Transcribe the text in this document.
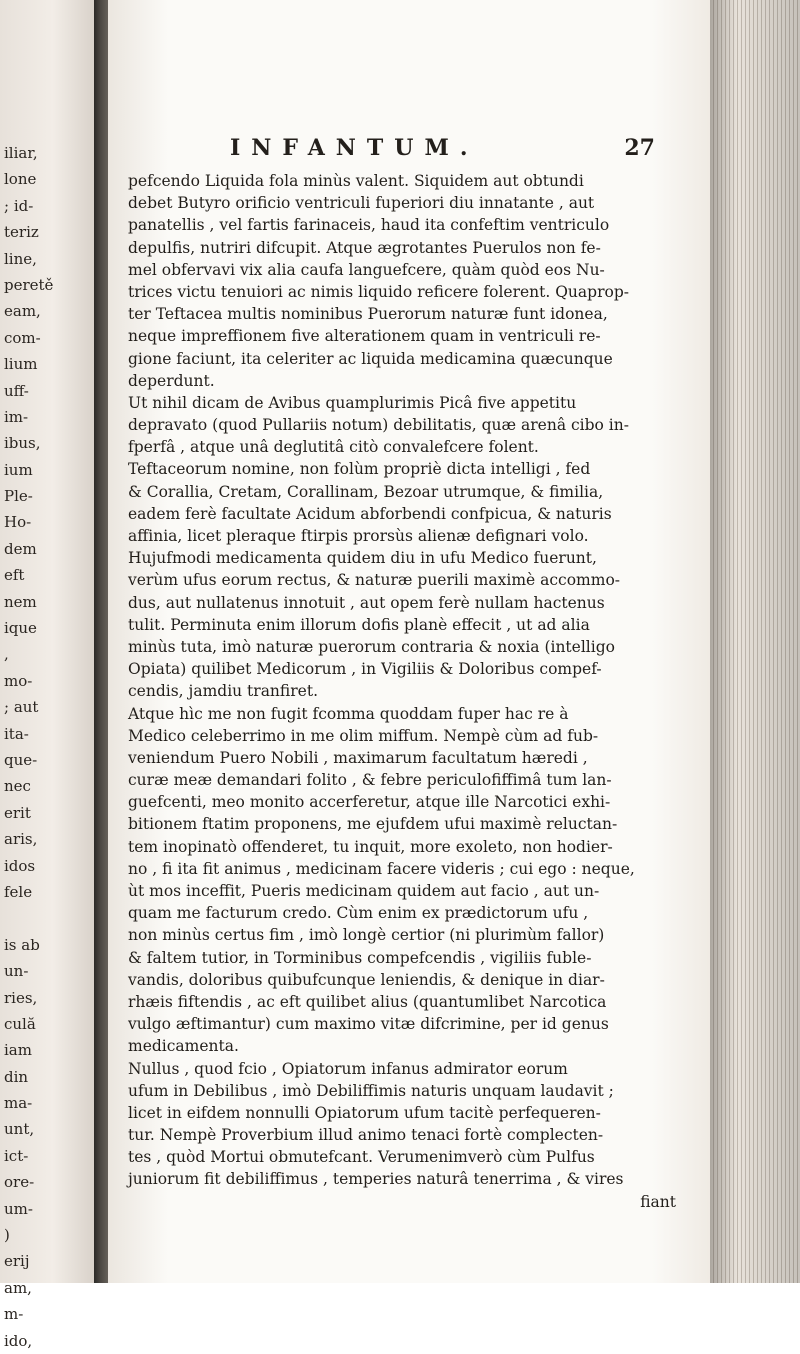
iliar,
lone
; id-
teriz
line,
peretě
eam,
com-
lium
uff-
im-
ibus,
ium
Ple-
Ho-
dem
eft
nem
ique
,
mo-
; aut
ita-
que-
nec
erit
aris,
idos
fele
is ab
un-
ries,
culă
iam
din
ma-
unt,
ict-
ore-
um-
)
erij
am,
m-
ido,
INFANTUM.	27
pefcendo Liquida fola minùs valent. Siquidem aut obtundi
debet Butyro orificio ventriculi fuperiori diu innatante , aut
panatellis , vel fartis farinaceis, haud ita confeftim ventriculo
depulfis, nutriri difcupit. Atque ægrotantes Puerulos non fe-
mel obfervavi vix alia caufa languefcere, quàm quòd eos Nu-
trices victu tenuiori ac nimis liquido reficere folerent. Quaprop-
ter Teftacea multis nominibus Puerorum naturæ funt idonea,
neque impreffionem five alterationem quam in ventriculi re-
gione faciunt, ita celeriter ac liquida medicamina quæcunque
deperdunt.
Ut nihil dicam de Avibus quamplurimis Picâ five appetitu
depravato (quod Pullariis notum) debilitatis, quæ arenâ cibo in-
fperfâ , atque unâ deglutitâ citò convalefcere folent.
Teftaceorum nomine, non folùm propriè dicta intelligi , fed
& Corallia, Cretam, Corallinam, Bezoar utrumque, & fimilia,
eadem ferè facultate Acidum abforbendi confpicua, & naturis
affinia, licet pleraque ftirpis prorsùs alienæ defignari volo.
Hujufmodi medicamenta quidem diu in ufu Medico fuerunt,
verùm ufus eorum rectus, & naturæ puerili maximè accommo-
dus, aut nullatenus innotuit , aut opem ferè nullam hactenus
tulit. Perminuta enim illorum dofis planè effecit , ut ad alia
minùs tuta, imò naturæ puerorum contraria & noxia (intelligo
Opiata) quilibet Medicorum , in Vigiliis & Doloribus compef-
cendis, jamdiu tranfiret.
Atque hìc me non fugit fcomma quoddam fuper hac re à
Medico celeberrimo in me olim miffum. Nempè cùm ad fub-
veniendum Puero Nobili , maximarum facultatum hæredi ,
curæ meæ demandari folito , & febre periculofiffimâ tum lan-
guefcenti, meo monito accerferetur, atque ille Narcotici exhi-
bitionem ftatim proponens, me ejufdem ufui maximè reluctan-
tem inopinatò offenderet, tu inquit, more exoleto, non hodier-
no , fi ita fit animus , medicinam facere videris ; cui ego : neque,
ùt mos inceffit, Pueris medicinam quidem aut facio , aut un-
quam me facturum credo. Cùm enim ex prædictorum ufu ,
non minùs certus fim , imò longè certior (ni plurimùm fallor)
& faltem tutior, in Torminibus compefcendis , vigiliis fuble-
vandis, doloribus quibufcunque leniendis, & denique in diar-
rhæis fiftendis , ac eft quilibet alius (quantumlibet Narcotica
vulgo æftimantur) cum maximo vitæ difcrimine, per id genus
medicamenta.
Nullus , quod fcio , Opiatorum infanus admirator eorum
ufum in Debilibus , imò Debiliffimis naturis unquam laudavit ;
licet in eifdem nonnulli Opiatorum ufum tacitè perfequeren-
tur. Nempè Proverbium illud animo tenaci fortè complecten-
tes , quòd Mortui obmutefcant. Verumenimverò cùm Pulfus
juniorum fit debiliffimus , temperies naturâ tenerrima , & vires
fiant
